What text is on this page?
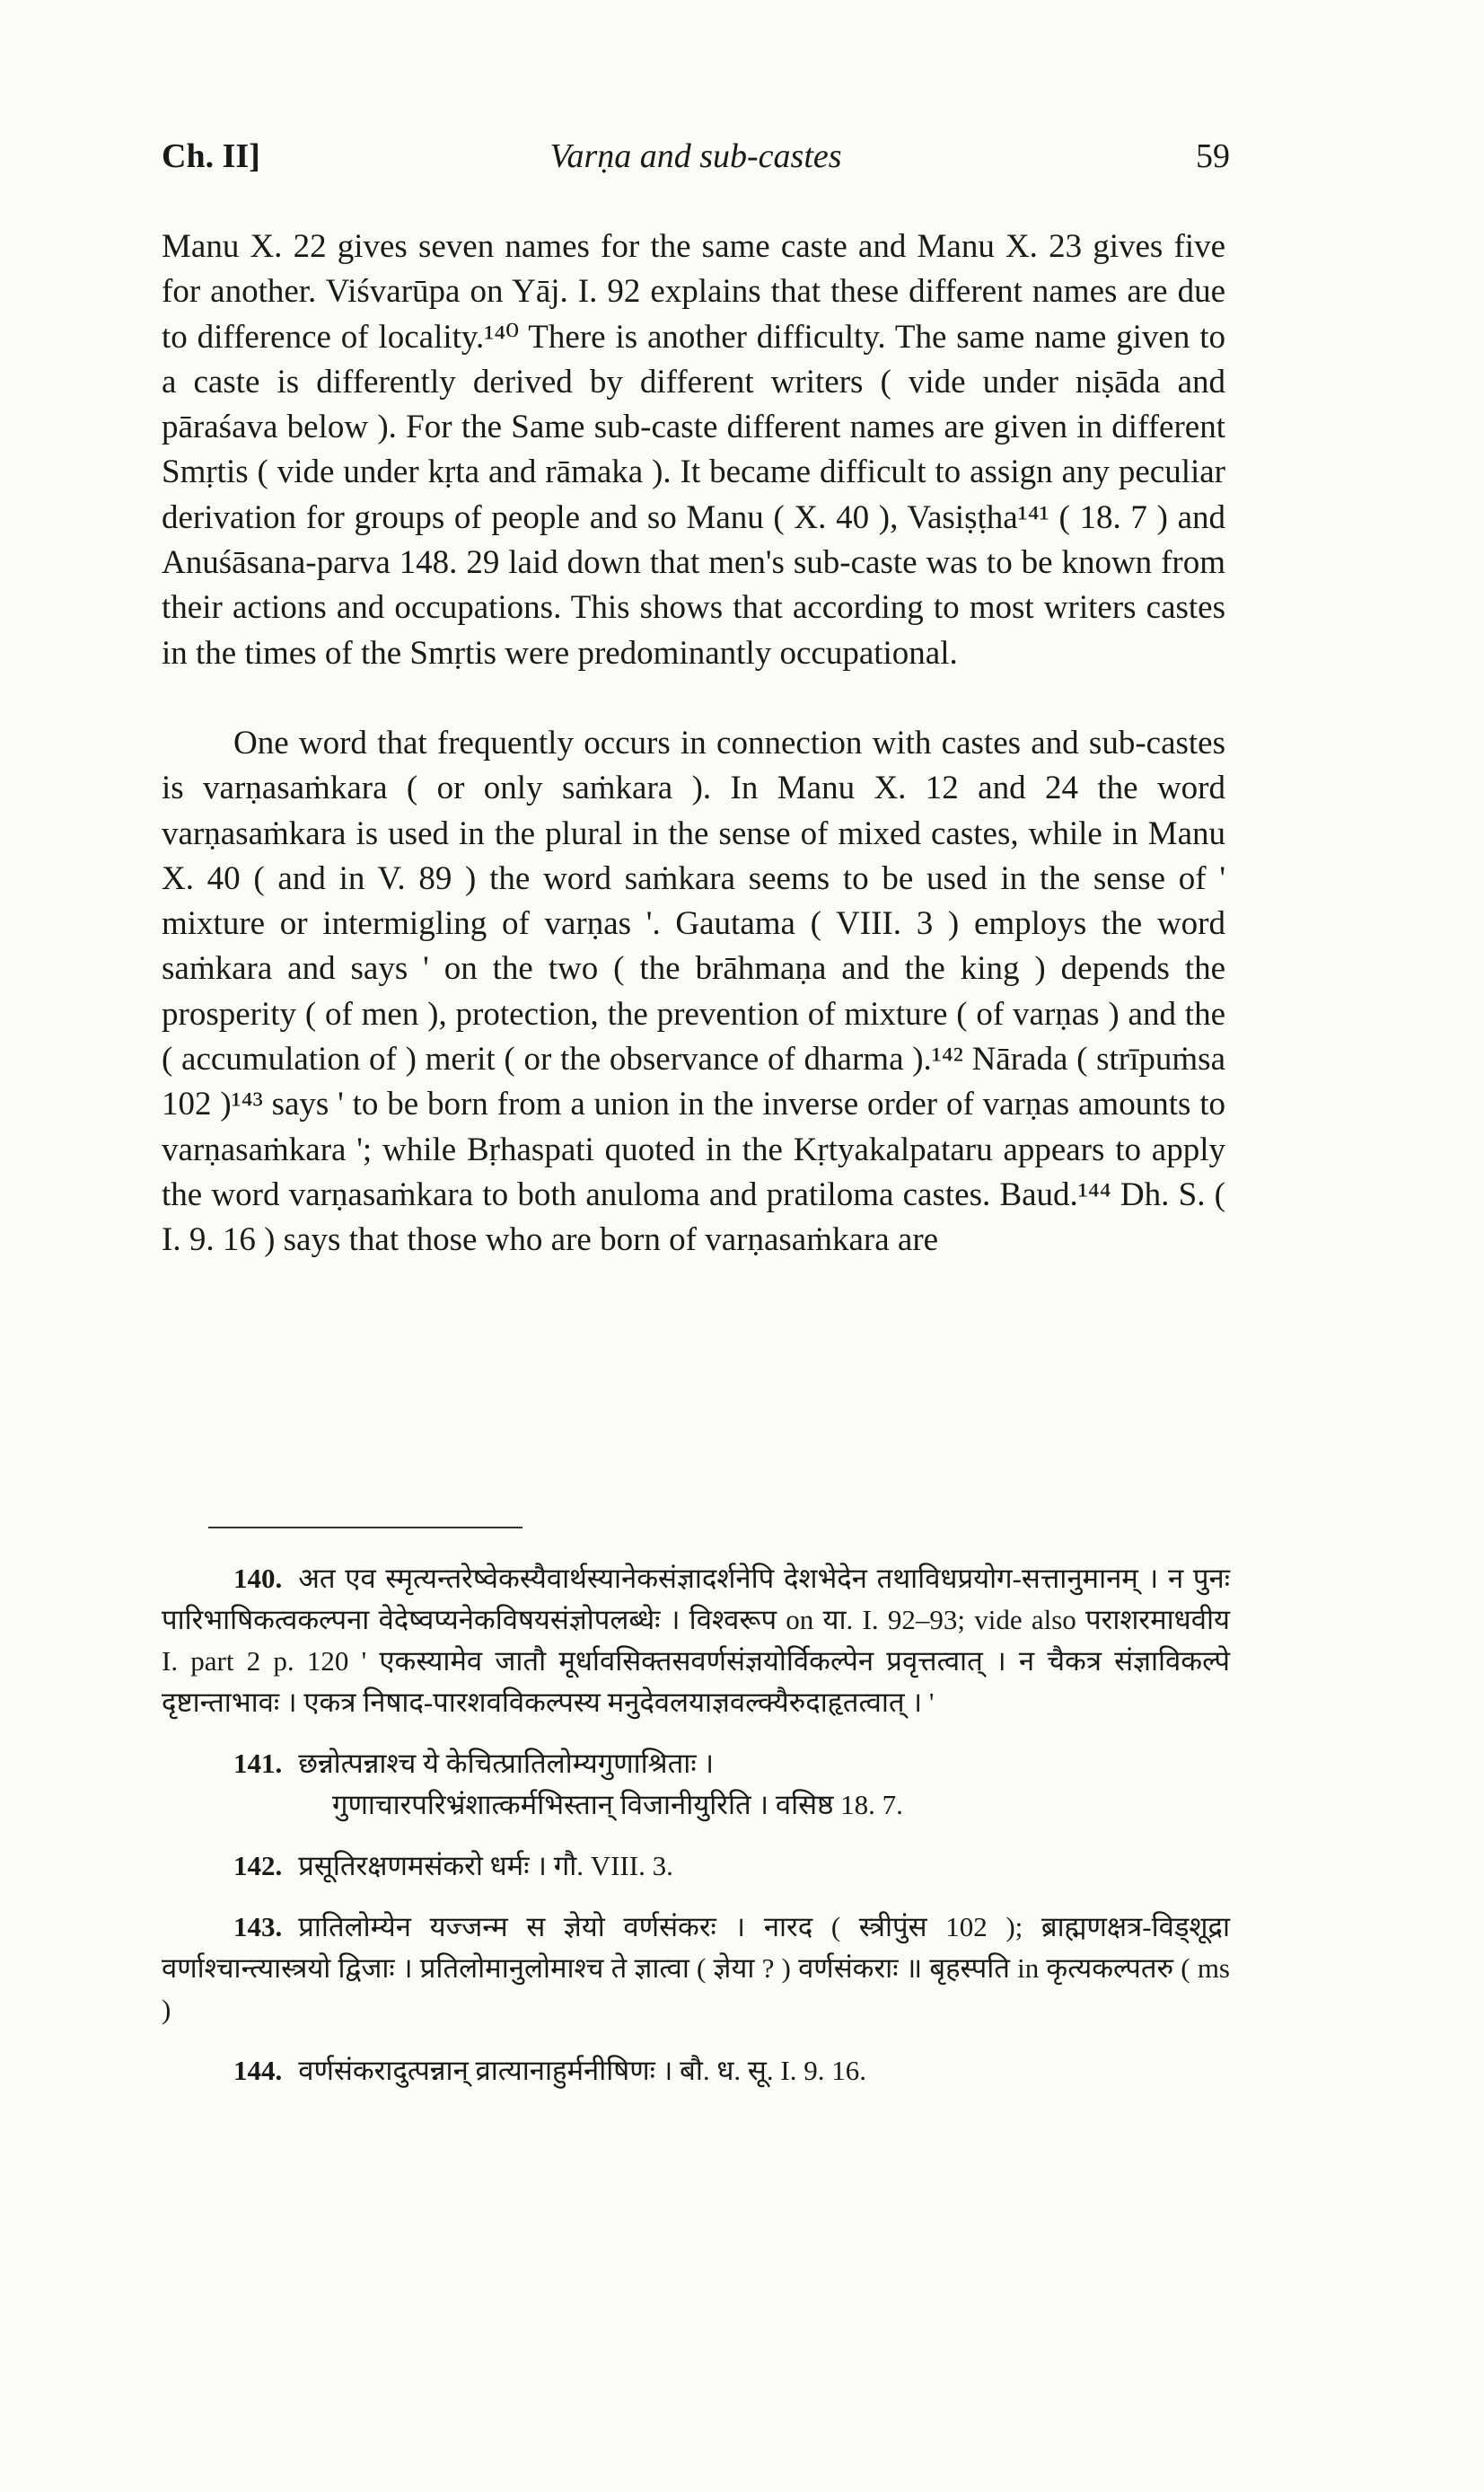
Ch. II]	Varṇa and sub-castes	59

Manu X. 22 gives seven names for the same caste and Manu X. 23 gives five for another. Viśvarūpa on Yāj. I. 92 explains that these different names are due to difference of locality.¹⁴⁰ There is another difficulty. The same name given to a caste is differently derived by different writers ( vide under niṣāda and pāraśava below ). For the Same sub-caste different names are given in different Smṛtis ( vide under kṛta and rāmaka ). It became difficult to assign any peculiar derivation for groups of people and so Manu ( X. 40 ), Vasiṣṭha¹⁴¹ ( 18. 7 ) and Anuśāsana-parva 148. 29 laid down that men's sub-caste was to be known from their actions and occupations. This shows that according to most writers castes in the times of the Smṛtis were predominantly occupational.

One word that frequently occurs in connection with castes and sub-castes is varṇasaṁkara ( or only saṁkara ). In Manu X. 12 and 24 the word varṇasaṁkara is used in the plural in the sense of mixed castes, while in Manu X. 40 ( and in V. 89 ) the word saṁkara seems to be used in the sense of ' mixture or intermigling of varṇas '. Gautama ( VIII. 3 ) employs the word saṁkara and says ' on the two ( the brāhmaṇa and the king ) depends the prosperity ( of men ), protection, the prevention of mixture ( of varṇas ) and the ( accumulation of ) merit ( or the observance of dharma ).¹⁴² Nārada ( strīpuṁsa 102 )¹⁴³ says ' to be born from a union in the inverse order of varṇas amounts to varṇasaṁkara '; while Bṛhaspati quoted in the Kṛtyakalpataru appears to apply the word varṇasaṁkara to both anuloma and pratiloma castes. Baud.¹⁴⁴ Dh. S. ( I. 9. 16 ) says that those who are born of varṇasaṁkara are

140. अत एव स्मृत्यन्तरेष्वेकस्यैवार्थस्यानेकसंज्ञादर्शनेपि देशभेदेन तथाविधप्रयोग-सत्तानुमानम् । न पुनः पारिभाषिकत्वकल्पना वेदेष्वप्यनेकविषयसंज्ञोपलब्धेः । विश्वरूप on या. I. 92–93; vide also पराशरमाधवीय I. part 2 p. 120 ' एकस्यामेव जातौ मूर्धावसिक्तसवर्णसंज्ञयोर्विकल्पेन प्रवृत्तत्वात् । न चैकत्र संज्ञाविकल्पे दृष्टान्ताभावः । एकत्र निषाद-पारशवविकल्पस्य मनुदेवलयाज्ञवल्क्यैरुदाहृतत्वात् । '

141. छन्नोत्पन्नाश्च ये केचित्प्रातिलोम्यगुणाश्रिताः ।
गुणाचारपरिभ्रंशात्कर्मभिस्तान् विजानीयुरिति । वसिष्ठ 18. 7.

142. प्रसूतिरक्षणमसंकरो धर्मः । गौ. VIII. 3.

143. प्रातिलोम्येन यज्जन्म स ज्ञेयो वर्णसंकरः । नारद ( स्त्रीपुंस 102 ); ब्राह्मणक्षत्र-विड्शूद्रा वर्णाश्चान्त्यास्त्रयो द्विजाः । प्रतिलोमानुलोमाश्च ते ज्ञात्वा ( ज्ञेया ? ) वर्णसंकराः ॥ बृहस्पति in कृत्यकल्पतरु ( ms )

144. वर्णसंकरादुत्पन्नान् व्रात्यानाहुर्मनीषिणः । बौ. ध. सू. I. 9. 16.
